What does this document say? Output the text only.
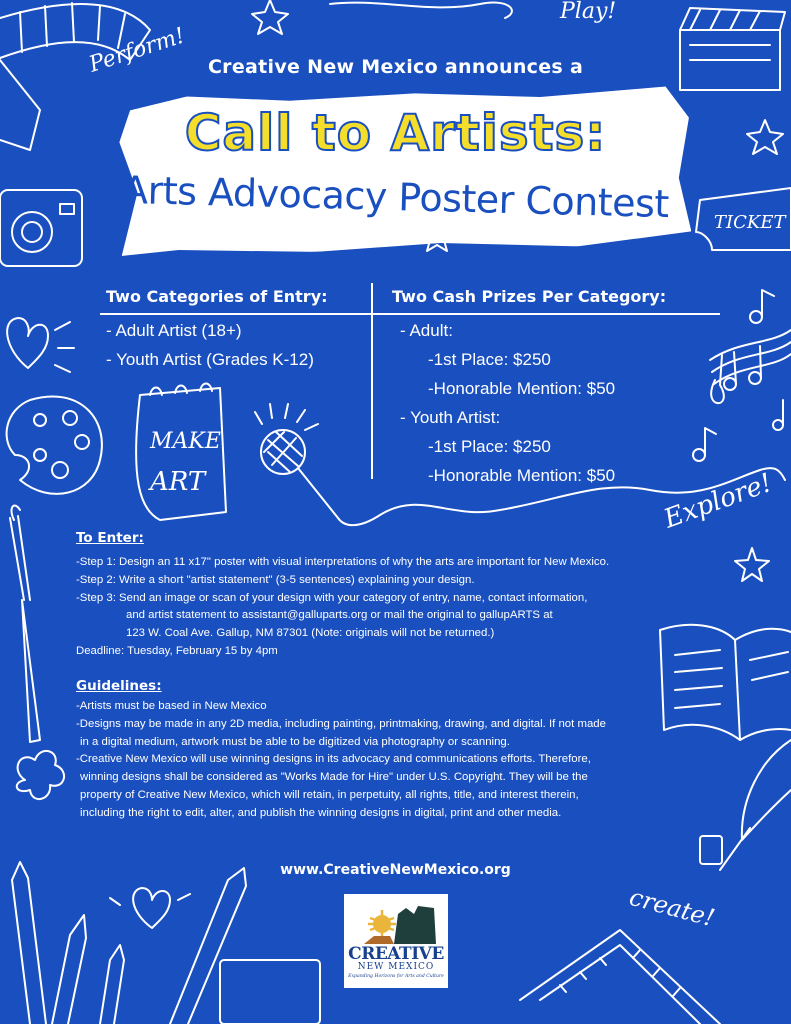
Perform!
Play!
TICKET
MAKE
ART	Explore!
create!
Creative New Mexico announces a
Call to Artists:
Arts Advocacy Poster Contest
Two Categories of Entry:
- Adult Artist (18+)
- Youth Artist (Grades K-12)
Two Cash Prizes Per Category:
- Adult:
-1st Place: $250
-Honorable Mention: $50
- Youth Artist:
-1st Place: $250
-Honorable Mention: $50
To Enter:
-Step 1: Design an 11 x17" poster with visual interpretations of why the arts are important for New Mexico.
-Step 2: Write a short "artist statement" (3-5 sentences) explaining your design.
-Step 3: Send an image or scan of your design with your category of entry, name, contact information,
and artist statement to assistant@galluparts.org or mail the original to gallupARTS at
123 W. Coal Ave. Gallup, NM 87301 (Note: originals will not be returned.)
Deadline: Tuesday, February 15 by 4pm
Guidelines:
-Artists must be based in New Mexico
-Designs may be made in any 2D media, including painting, printmaking, drawing, and digital. If not made
in a digital medium, artwork must be able to be digitized via photography or scanning.
-Creative New Mexico will use winning designs in its advocacy and communications efforts. Therefore,
winning designs shall be considered as "Works Made for Hire" under U.S. Copyright. They will be the
property of Creative New Mexico, which will retain, in perpetuity, all rights, title, and interest therein,
including the right to edit, alter, and publish the winning designs in digital, print and other media.
www.CreativeNewMexico.org
CREATIVE
NEW MEXICO
Expanding Horizons for Arts and Culture
